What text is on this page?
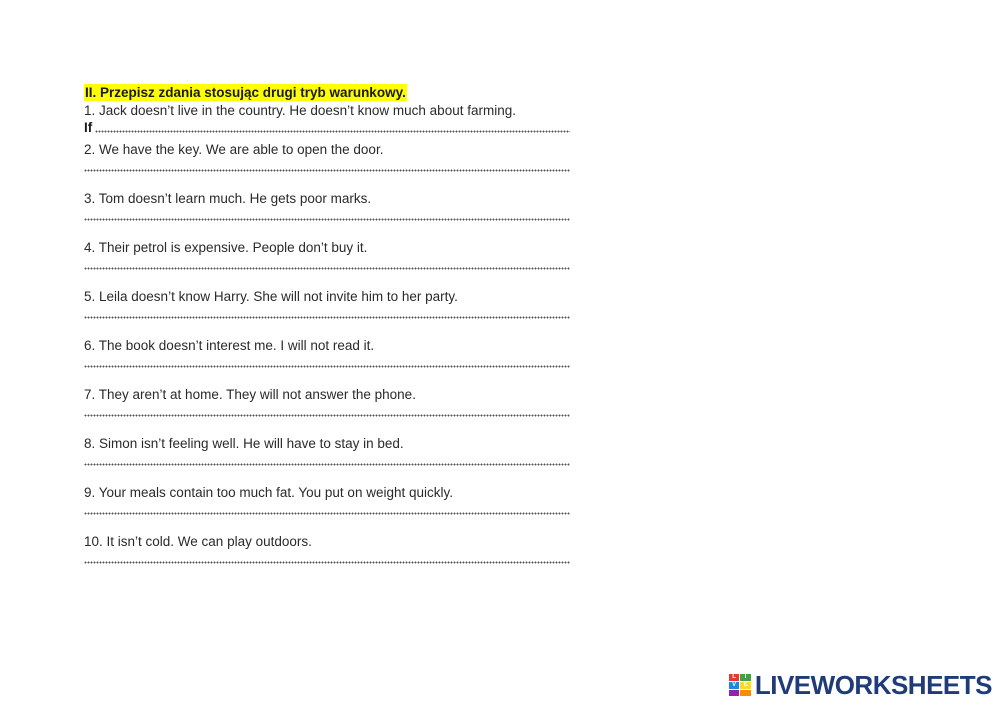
II. Przepisz zdania stosując drugi tryb warunkowy.
1. Jack doesn’t live in the country. He doesn’t know much about farming.
If
2. We have the key. We are able to open the door.
3. Tom doesn’t learn much. He gets poor marks.
4. Their petrol is expensive. People don’t buy it.
5. Leila doesn’t know Harry. She will not invite him to her party.
6. The book doesn’t interest me. I will not read it.
7. They aren’t at home. They will not answer the phone.
8. Simon isn’t feeling well. He will have to stay in bed.
9. Your meals contain too much fat. You put on weight quickly.
10. It isn’t cold. We can play outdoors.
L	I
V	E LIVEWORKSHEETS
